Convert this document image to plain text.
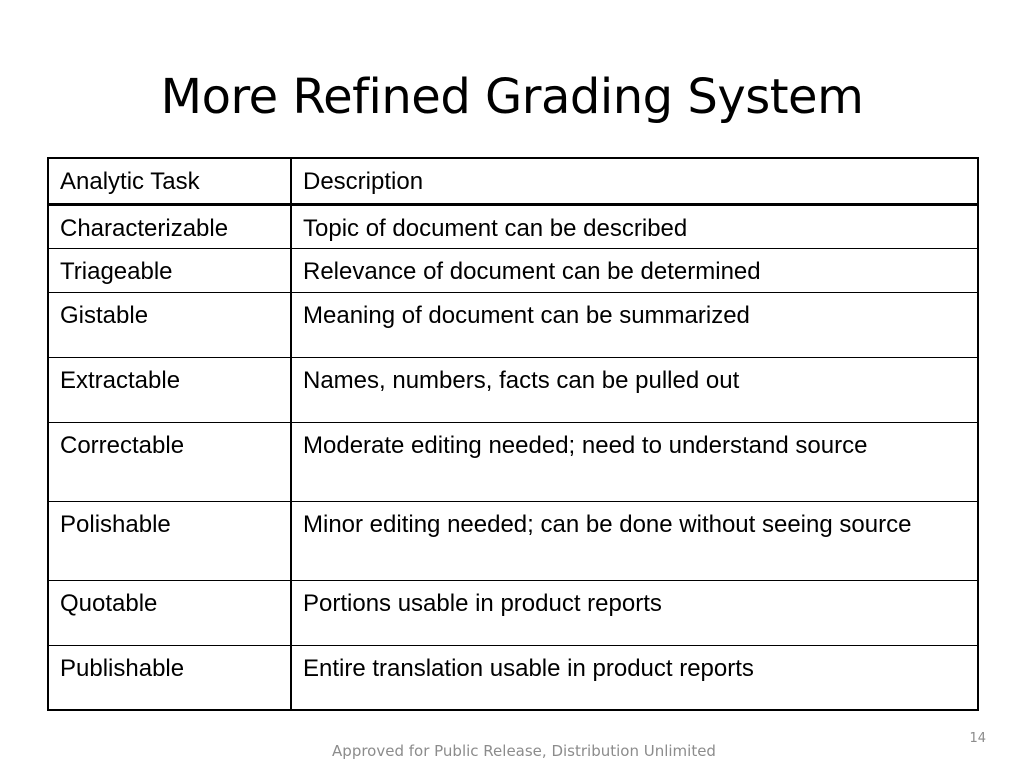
More Refined Grading System
Analytic Task	Description
Characterizable	Topic of document can be described
Triageable	Relevance of document can be determined
Gistable	Meaning of document can be summarized
Extractable	Names, numbers, facts can be pulled out
Correctable	Moderate editing needed; need to understand source
Polishable	Minor editing needed; can be done without seeing source
Quotable	Portions usable in product reports
Publishable	Entire translation usable in product reports
14
Approved for Public Release, Distribution Unlimited
